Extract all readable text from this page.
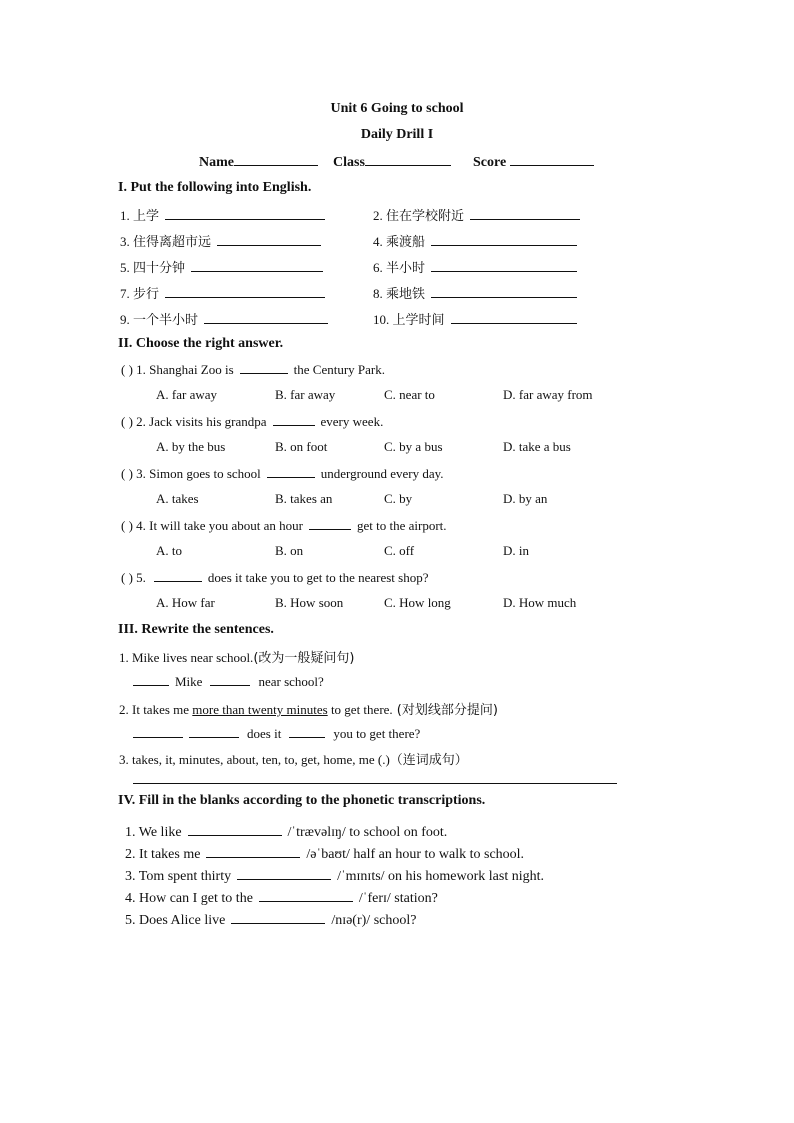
Unit 6 Going to school
Daily Drill I
Name	Class	Score
I. Put the following into English.
1. 上学	2. 住在学校附近
3. 住得离超市远	4. 乘渡船
5. 四十分钟	6. 半小时
7. 步行	8. 乘地铁
9. 一个半小时	10. 上学时间
II. Choose the right answer.
( ) 1. Shanghai Zoo is	the Century Park.
A. far away	B. far away	C. near to	D. far away from
( ) 2. Jack visits his grandpa	every week.
A. by the bus	B. on foot	C. by a bus	D. take a bus
( ) 3. Simon goes to school	underground every day.
A. takes	B. takes an	C. by	D. by an
( ) 4. It will take you about an hour	get to the airport.
A. to	B. on	C. off	D. in
( ) 5.	does it take you to get to the nearest shop?
A. How far	B. How soon	C. How long	D. How much
III. Rewrite the sentences.
1. Mike lives near school.(改为一般疑问句)
Mike	near school?
2. It takes me more than twenty minutes to get there. (对划线部分提问)
does it	you to get there?
3. takes, it, minutes, about, ten, to, get, home, me (.)（连词成句）
IV. Fill in the blanks according to the phonetic transcriptions.
1. We like	/ˈtrævəlɪŋ/ to school on foot.
2. It takes me	/əˈbaʊt/ half an hour to walk to school.
3. Tom spent thirty	/ˈmɪnɪts/ on his homework last night.
4. How can I get to the	/ˈferɪ/ station?
5. Does Alice live	/nɪə(r)/ school?
